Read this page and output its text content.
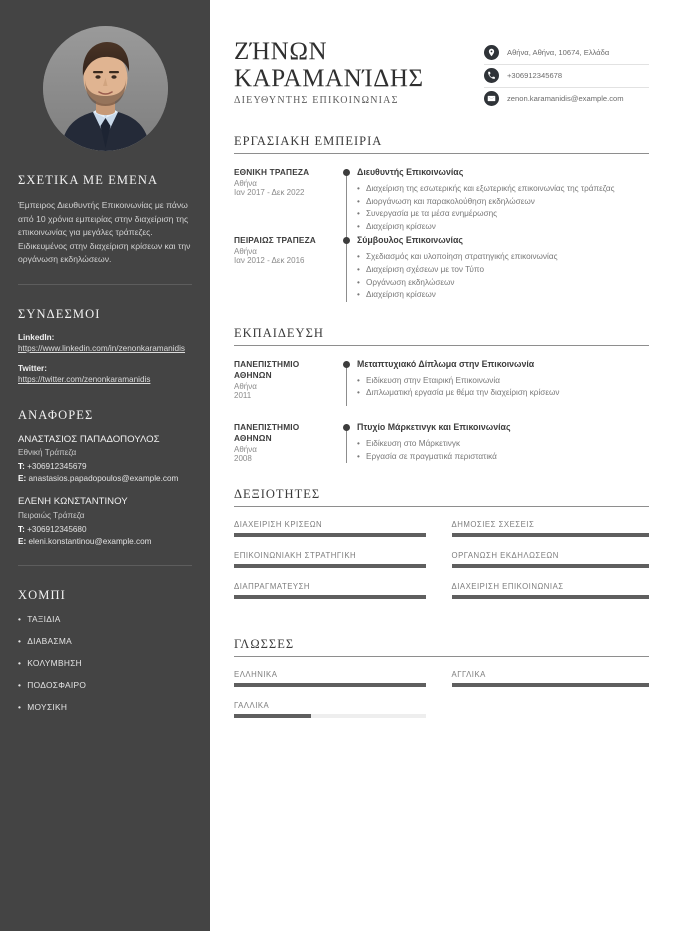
ΣΧΕΤΙΚΑ ΜΕ ΕΜΕΝΑ

Έμπειρος Διευθυντής Επικοινωνίας με πάνω από 10 χρόνια εμπειρίας στην διαχείριση της επικοινωνίας για μεγάλες τράπεζες. Ειδικευμένος στην διαχείριση κρίσεων και την οργάνωση εκδηλώσεων.

ΣΥΝΔΕΣΜΟΙ

LinkedIn:

https://www.linkedin.com/in/zenonkaramanidis

Twitter:

https://twitter.com/zenonkaramanidis

ΑΝΑΦΟΡΕΣ

ΑΝΑΣΤΑΣΙΟΣ ΠΑΠΑΔΟΠΟΥΛΟΣ

Εθνική Τράπεζα

T: +306912345679

E: anastasios.papadopoulos@example.com

ΕΛΕΝΗ ΚΩΝΣΤΑΝΤΙΝΟΥ

Πειραιώς Τράπεζα

T: +306912345680

E: eleni.konstantinou@example.com

ΧΟΜΠΙ

• ΤΑΞΙΔΙΑ

• ΔΙΑΒΑΣΜΑ

• ΚΟΛΥΜΒΗΣΗ

• ΠΟΔΟΣΦΑΙΡΟ

• ΜΟΥΣΙΚΗ

ΖΉΝΩΝ
ΚΑΡΑΜΑΝΊΔΗΣ

ΔΙΕΥΘΥΝΤΗΣ ΕΠΙΚΟΙΝΩΝΙΑΣ

Αθήνα, Αθήνα, 10674, Ελλάδα
+306912345678
zenon.karamanidis@example.com
ΕΡΓΑΣΙΑΚΗ ΕΜΠΕΙΡΙΑ

ΕΘΝΙΚΗ ΤΡΑΠΕΖΑ

Αθήνα

Ιαν 2017 - Δεκ 2022

Διευθυντής Επικοινωνίας

• Διαχείριση της εσωτερικής και εξωτερικής επικοινωνίας της τράπεζας
• Διοργάνωση και παρακολούθηση εκδηλώσεων
• Συνεργασία με τα μέσα ενημέρωσης
• Διαχείριση κρίσεων

ΠΕΙΡΑΙΩΣ ΤΡΑΠΕΖΑ

Αθήνα

Ιαν 2012 - Δεκ 2016

Σύμβουλος Επικοινωνίας

• Σχεδιασμός και υλοποίηση στρατηγικής επικοινωνίας
• Διαχείριση σχέσεων με τον Τύπο
• Οργάνωση εκδηλώσεων
• Διαχείριση κρίσεων
ΕΚΠΑΙΔΕΥΣΗ

ΠΑΝΕΠΙΣΤΗΜΙΟ ΑΘΗΝΩΝ

Αθήνα

2011

Μεταπτυχιακό Δίπλωμα στην Επικοινωνία

• Ειδίκευση στην Εταιρική Επικοινωνία
• Διπλωματική εργασία με θέμα την διαχείριση κρίσεων

ΠΑΝΕΠΙΣΤΗΜΙΟ ΑΘΗΝΩΝ

Αθήνα

2008

Πτυχίο Μάρκετινγκ και Επικοινωνίας

• Ειδίκευση στο Μάρκετινγκ
• Εργασία σε πραγματικά περιστατικά
ΔΕΞΙΟΤΗΤΕΣ

ΔΙΑΧΕΙΡΙΣΗ ΚΡΙΣΕΩΝ	ΔΗΜΟΣΙΕΣ ΣΧΕΣΕΙΣ

ΕΠΙΚΟΙΝΩΝΙΑΚΗ ΣΤΡΑΤΗΓΙΚΗ	ΟΡΓΑΝΩΣΗ ΕΚΔΗΛΩΣΕΩΝ

ΔΙΑΠΡΑΓΜΑΤΕΥΣΗ	ΔΙΑΧΕΙΡΙΣΗ ΕΠΙΚΟΙΝΩΝΙΑΣ

ΓΛΩΣΣΕΣ

ΕΛΛΗΝΙΚΑ	ΑΓΓΛΙΚΑ

ΓΑΛΛΙΚΑ
